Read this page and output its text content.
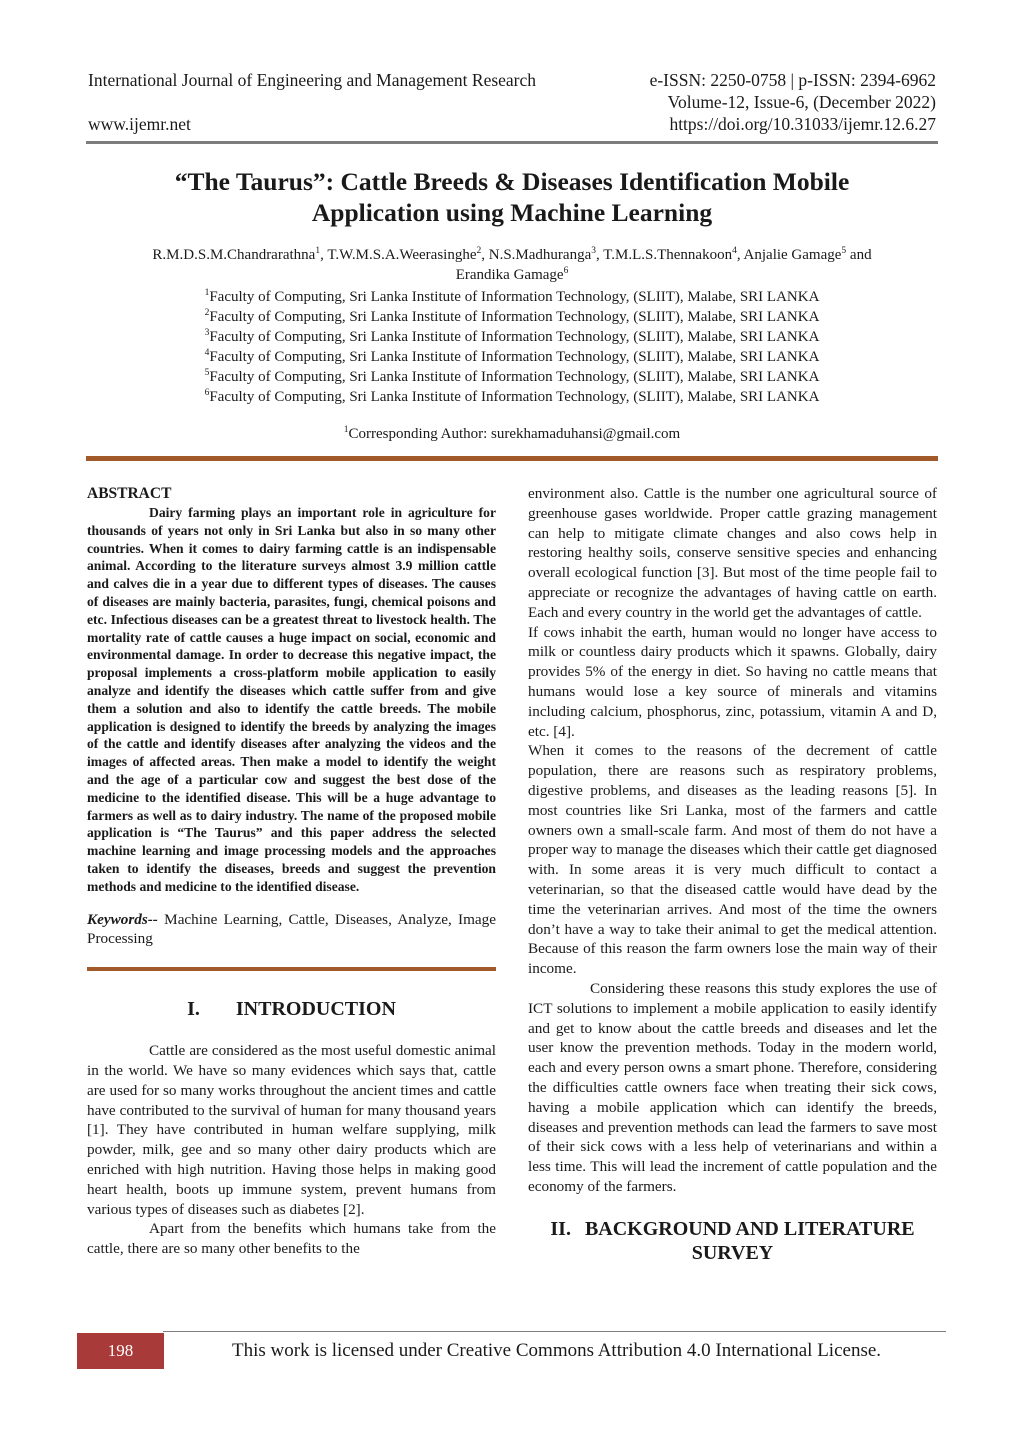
International Journal of Engineering and Management Research	e-ISSN: 2250-0758 | p-ISSN: 2394-6962
Volume-12, Issue-6, (December 2022)
https://doi.org/10.31033/ijemr.12.6.27
www.ijemr.net
“The Taurus”: Cattle Breeds & Diseases Identification Mobile
Application using Machine Learning
R.M.D.S.M.Chandrarathna$^1$, T.W.M.S.A.Weerasinghe$^2$, N.S.Madhuranga$^3$, T.M.L.S.Thennakoon$^4$, Anjalie Gamage$^5$ and
Erandika Gamage$^6$
$^1$Faculty of Computing, Sri Lanka Institute of Information Technology, (SLIIT), Malabe, SRI LANKA
$^2$Faculty of Computing, Sri Lanka Institute of Information Technology, (SLIIT), Malabe, SRI LANKA
$^3$Faculty of Computing, Sri Lanka Institute of Information Technology, (SLIIT), Malabe, SRI LANKA
$^4$Faculty of Computing, Sri Lanka Institute of Information Technology, (SLIIT), Malabe, SRI LANKA
$^5$Faculty of Computing, Sri Lanka Institute of Information Technology, (SLIIT), Malabe, SRI LANKA
$^6$Faculty of Computing, Sri Lanka Institute of Information Technology, (SLIIT), Malabe, SRI LANKA
$^1$Corresponding Author: surekhamaduhansi@gmail.com

ABSTRACT

Dairy farming plays an important role in agriculture for thousands of years not only in Sri Lanka but also in so many other countries. When it comes to dairy farming cattle is an indispensable animal. According to the literature surveys almost 3.9 million cattle and calves die in a year due to different types of diseases. The causes of diseases are mainly bacteria, parasites, fungi, chemical poisons and etc. Infectious diseases can be a greatest threat to livestock health. The mortality rate of cattle causes a huge impact on social, economic and environmental damage. In order to decrease this negative impact, the proposal implements a cross-platform mobile application to easily analyze and identify the diseases which cattle suffer from and give them a solution and also to identify the cattle breeds. The mobile application is designed to identify the breeds by analyzing the images of the cattle and identify diseases after analyzing the videos and the images of affected areas. Then make a model to identify the weight and the age of a particular cow and suggest the best dose of the medicine to the identified disease. This will be a huge advantage to farmers as well as to dairy industry. The name of the proposed mobile application is “The Taurus” and this paper address the selected machine learning and image processing models and the approaches taken to identify the diseases, breeds and suggest the prevention methods and medicine to the identified disease.

Keywords-- Machine Learning, Cattle, Diseases, Analyze, Image Processing

I. INTRODUCTION

Cattle are considered as the most useful domestic animal in the world. We have so many evidences which says that, cattle are used for so many works throughout the ancient times and cattle have contributed to the survival of human for many thousand years [1]. They have contributed in human welfare supplying, milk powder, milk, gee and so many other dairy products which are enriched with high nutrition. Having those helps in making good heart health, boots up immune system, prevent humans from various types of diseases such as diabetes [2].

Apart from the benefits which humans take from the cattle, there are so many other benefits to the

environment also. Cattle is the number one agricultural source of greenhouse gases worldwide. Proper cattle grazing management can help to mitigate climate changes and also cows help in restoring healthy soils, conserve sensitive species and enhancing overall ecological function [3]. But most of the time people fail to appreciate or recognize the advantages of having cattle on earth. Each and every country in the world get the advantages of cattle.

If cows inhabit the earth, human would no longer have access to milk or countless dairy products which it spawns. Globally, dairy provides 5% of the energy in diet. So having no cattle means that humans would lose a key source of minerals and vitamins including calcium, phosphorus, zinc, potassium, vitamin A and D, etc. [4].

When it comes to the reasons of the decrement of cattle population, there are reasons such as respiratory problems, digestive problems, and diseases as the leading reasons [5]. In most countries like Sri Lanka, most of the farmers and cattle owners own a small-scale farm. And most of them do not have a proper way to manage the diseases which their cattle get diagnosed with. In some areas it is very much difficult to contact a veterinarian, so that the diseased cattle would have dead by the time the veterinarian arrives. And most of the time the owners don’t have a way to take their animal to get the medical attention. Because of this reason the farm owners lose the main way of their income.

Considering these reasons this study explores the use of ICT solutions to implement a mobile application to easily identify and get to know about the cattle breeds and diseases and let the user know the prevention methods. Today in the modern world, each and every person owns a smart phone. Therefore, considering the difficulties cattle owners face when treating their sick cows, having a mobile application which can identify the breeds, diseases and prevention methods can lead the farmers to save most of their sick cows with a less help of veterinarians and within a less time. This will lead the increment of cattle population and the economy of the farmers.

II. BACKGROUND AND LITERATURE
SURVEY
198	This work is licensed under Creative Commons Attribution 4.0 International License.
